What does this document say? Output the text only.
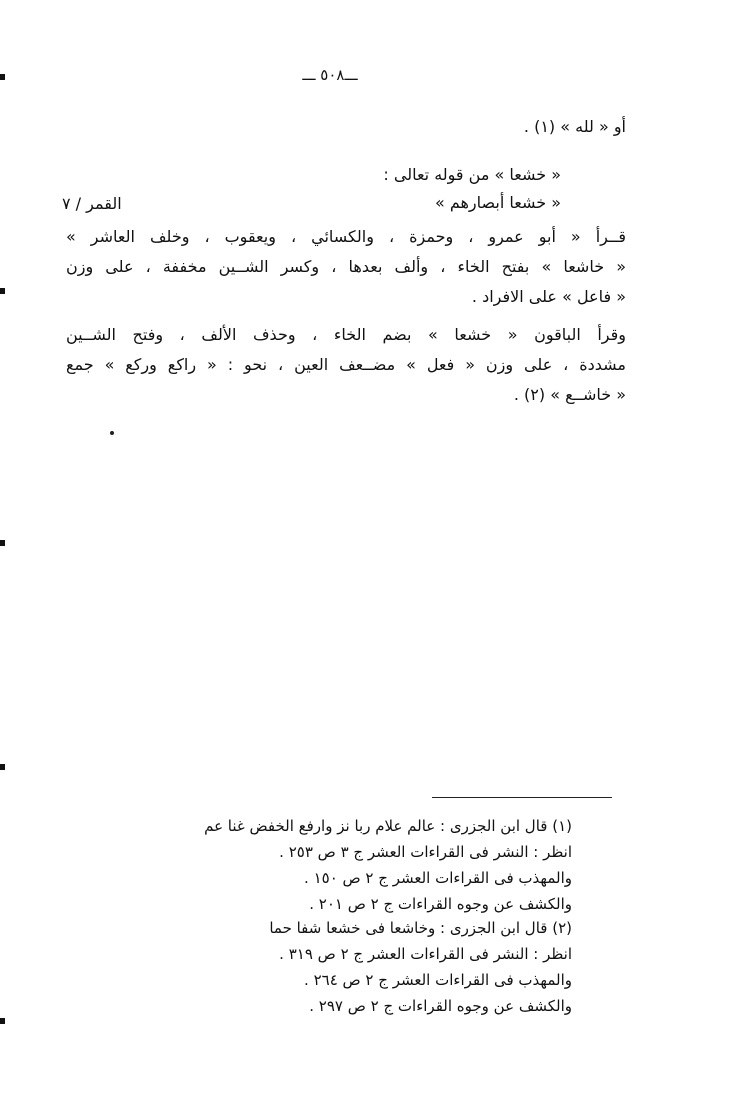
ـــ٥٠٨ ـــ
أو « لله » (١) .
« خشعا » من قوله تعالى :
« خشعا أبصارهم »
القمر / ٧
قــرأ « أبو عمرو ، وحمزة ، والكسائي ، ويعقوب ، وخلف العاشر »
« خاشعا » بفتح الخاء ، وألف بعدها ، وكسر الشــين مخففة ، على وزن
« فاعل » على الافراد .
وقرأ الباقون « خشعا » بضم الخاء ، وحذف الألف ، وفتح الشــين
مشددة ، على وزن « فعل » مضــعف العين ، نحو : « راكع وركع » جمع
« خاشــع » (٢) .
(١) قال ابن الجزرى : عالم علام ربا نز وارفع الخفض غنا عم
انظر : النشر فى القراءات العشر ج ٣ ص ٢٥٣ .
والمهذب فى القراءات العشر ج ٢ ص ١٥٠ .
والكشف عن وجوه القراءات ج ٢ ص ٢٠١ .
(٢) قال ابن الجزرى : وخاشعا فى خشعا شفا حما
انظر : النشر فى القراءات العشر ج ٢ ص ٣١٩ .
والمهذب فى القراءات العشر ج ٢ ص ٢٦٤ .
والكشف عن وجوه القراءات ج ٢ ص ٢٩٧ .
